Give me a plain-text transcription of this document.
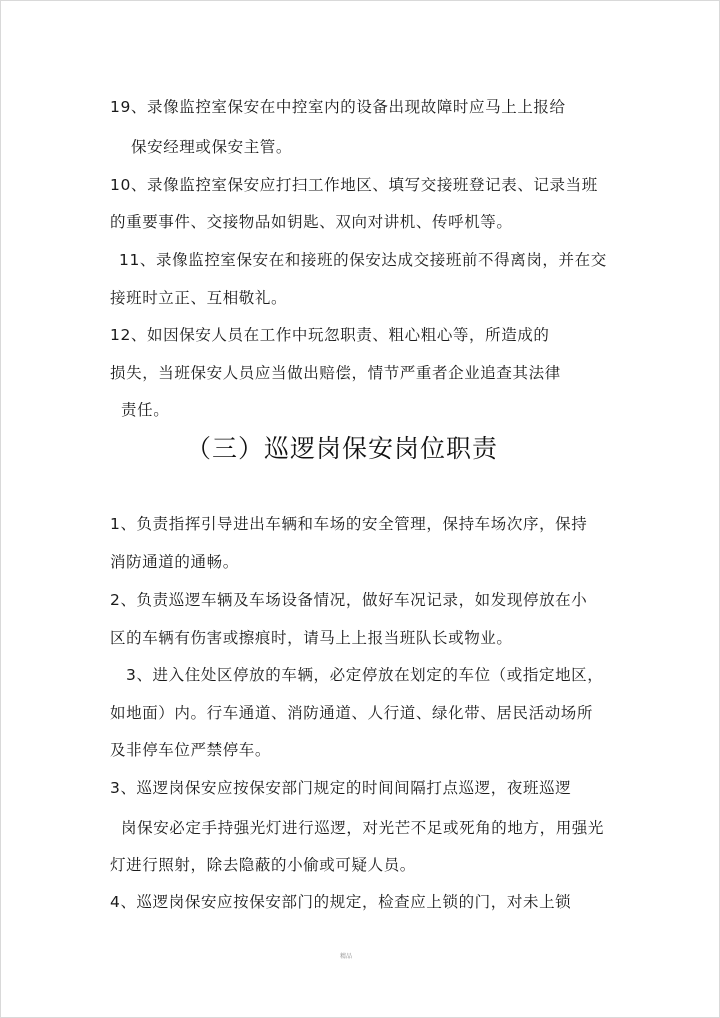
19、录像监控室保安在中控室内的设备出现故障时应马上上报给
保安经理或保安主管。
10、录像监控室保安应打扫工作地区、填写交接班登记表、记录当班
的重要事件、交接物品如钥匙、双向对讲机、传呼机等。
11、录像监控室保安在和接班的保安达成交接班前不得离岗，并在交
接班时立正、互相敬礼。
12、如因保安人员在工作中玩忽职责、粗心粗心等，所造成的
损失，当班保安人员应当做出赔偿，情节严重者企业追查其法律
责任。
（三）巡逻岗保安岗位职责
1、负责指挥引导进出车辆和车场的安全管理，保持车场次序，保持
消防通道的通畅。
2、负责巡逻车辆及车场设备情况，做好车况记录，如发现停放在小
区的车辆有伤害或擦痕时，请马上上报当班队长或物业。
3、进入住处区停放的车辆，必定停放在划定的车位（或指定地区，
如地面）内。行车通道、消防通道、人行道、绿化带、居民活动场所
及非停车位严禁停车。
3、巡逻岗保安应按保安部门规定的时间间隔打点巡逻，夜班巡逻
岗保安必定手持强光灯进行巡逻，对光芒不足或死角的地方，用强光
灯进行照射，除去隐蔽的小偷或可疑人员。
4、巡逻岗保安应按保安部门的规定，检查应上锁的门，对未上锁
精品
